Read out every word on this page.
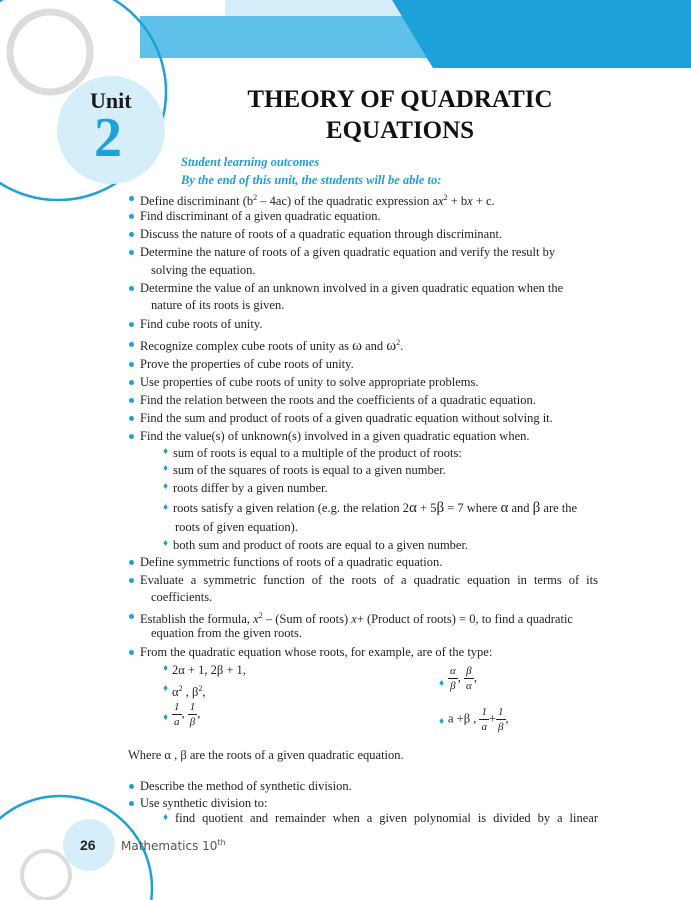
Unit
2
THEORY OF QUADRATIC
EQUATIONS
Student learning outcomes
By the end of this unit, the students will be able to:
Define discriminant $(b^2 - 4ac)$ of the quadratic expression $ax^2$ + bx + c.
Find discriminant of a given quadratic equation.
Discuss the nature of roots of a quadratic equation through discriminant.
Determine the nature of roots of a given quadratic equation and verify the result by
solving the equation.
Determine the value of an unknown involved in a given quadratic equation when the
nature of its roots is given.
Find cube roots of unity.
Recognize complex cube roots of unity as ω and $\omega^2$.
Prove the properties of cube roots of unity.
Use properties of cube roots of unity to solve appropriate problems.
Find the relation between the roots and the coefficients of a quadratic equation.
Find the sum and product of roots of a given quadratic equation without solving it.
Find the value(s) of unknown(s) involved in a given quadratic equation when.
♦ sum of roots is equal to a multiple of the product of roots:
♦ sum of the squares of roots is equal to a given number.
♦ roots differ by a given number.
♦ roots satisfy a given relation (e.g. the relation 2α + 5β = 7 where α and β are the
roots of given equation).
♦ both sum and product of roots are equal to a given number.
Define symmetric functions of roots of a quadratic equation.
Evaluate a symmetric function of the roots of a quadratic equation in terms of its
coefficients.
Establish the formula, $x^2 - (Sum$ of roots) x+ (Product of roots) = 0, to find a quadratic
equation from the given roots.
From the quadratic equation whose roots, for example, are of the type:
♦ 2α + 1, 2β + 1,
♦ $\alpha^2$ , $\beta^2$,
♦ $\frac{\alpha}{\beta}$ , $\frac{\beta}{\alpha}$ ,
♦ $\frac{1}{a}$ , $\frac{1}{\beta}$ ,
♦ a +β , $\frac{1}{a} + \frac{1}{\beta}$ ,
Where α , β are the roots of a given quadratic equation.
Describe the method of synthetic division.
Use synthetic division to:
♦ find quotient and remainder when a given polynomial is divided by a linear
26 Mathematics 10th
